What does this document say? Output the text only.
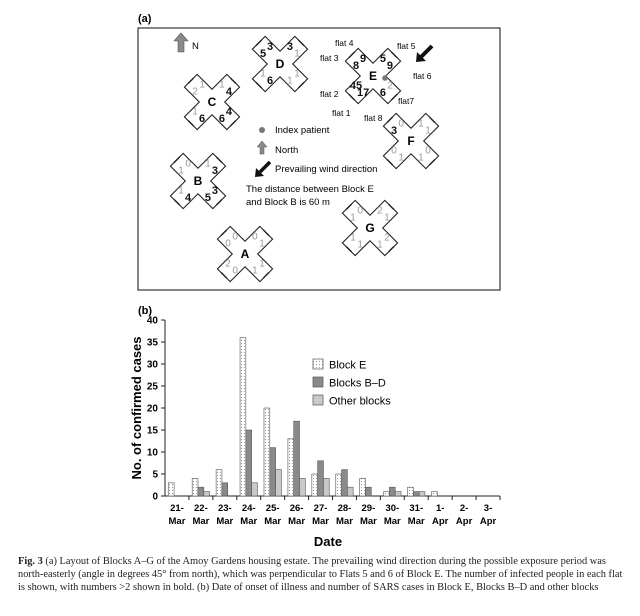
(a)
N
0
1
1
1
0
2
0
0
A
1
3
3
5
4
1
1
0
B
1
4
4
6
6
1
2
1
C
3
1
1
1
6
1
5
3
D	5
9
2
6
17
45
8
9
E
1
1
0
1
1
0
3
0
F
2
1
2
1
1
1
1
0
G
flat 4	flat 5
flat 3
flat 6
flat 2
flat7
flat 1 flat 8
Index patient
North
Prevailing wind direction
The distance between Block E
and Block B is 60 m
(b)
No. of confirmed cases
Date
0
5
10
15
20
25
30
35
40
21-
Mar
22-
Mar
23-
Mar
24-
Mar
25-
Mar
26-
Mar
27-
Mar
28-
Mar
29-
Mar
30-
Mar
31-
Mar
1-
Apr
2-
Apr
3-
Apr
Block E
Blocks B–D
Other blocks
Fig. 3 (a) Layout of Blocks A–G of the Amoy Gardens housing estate. The prevailing wind direction during the possible exposure period was north-easterly (angle in degrees 45° from north), which was perpendicular to Flats 5 and 6 of Block E. The number of infected people in each flat is shown, with numbers >2 shown in bold. (b) Date of onset of illness and number of SARS cases in Block E, Blocks B–D and other blocks
